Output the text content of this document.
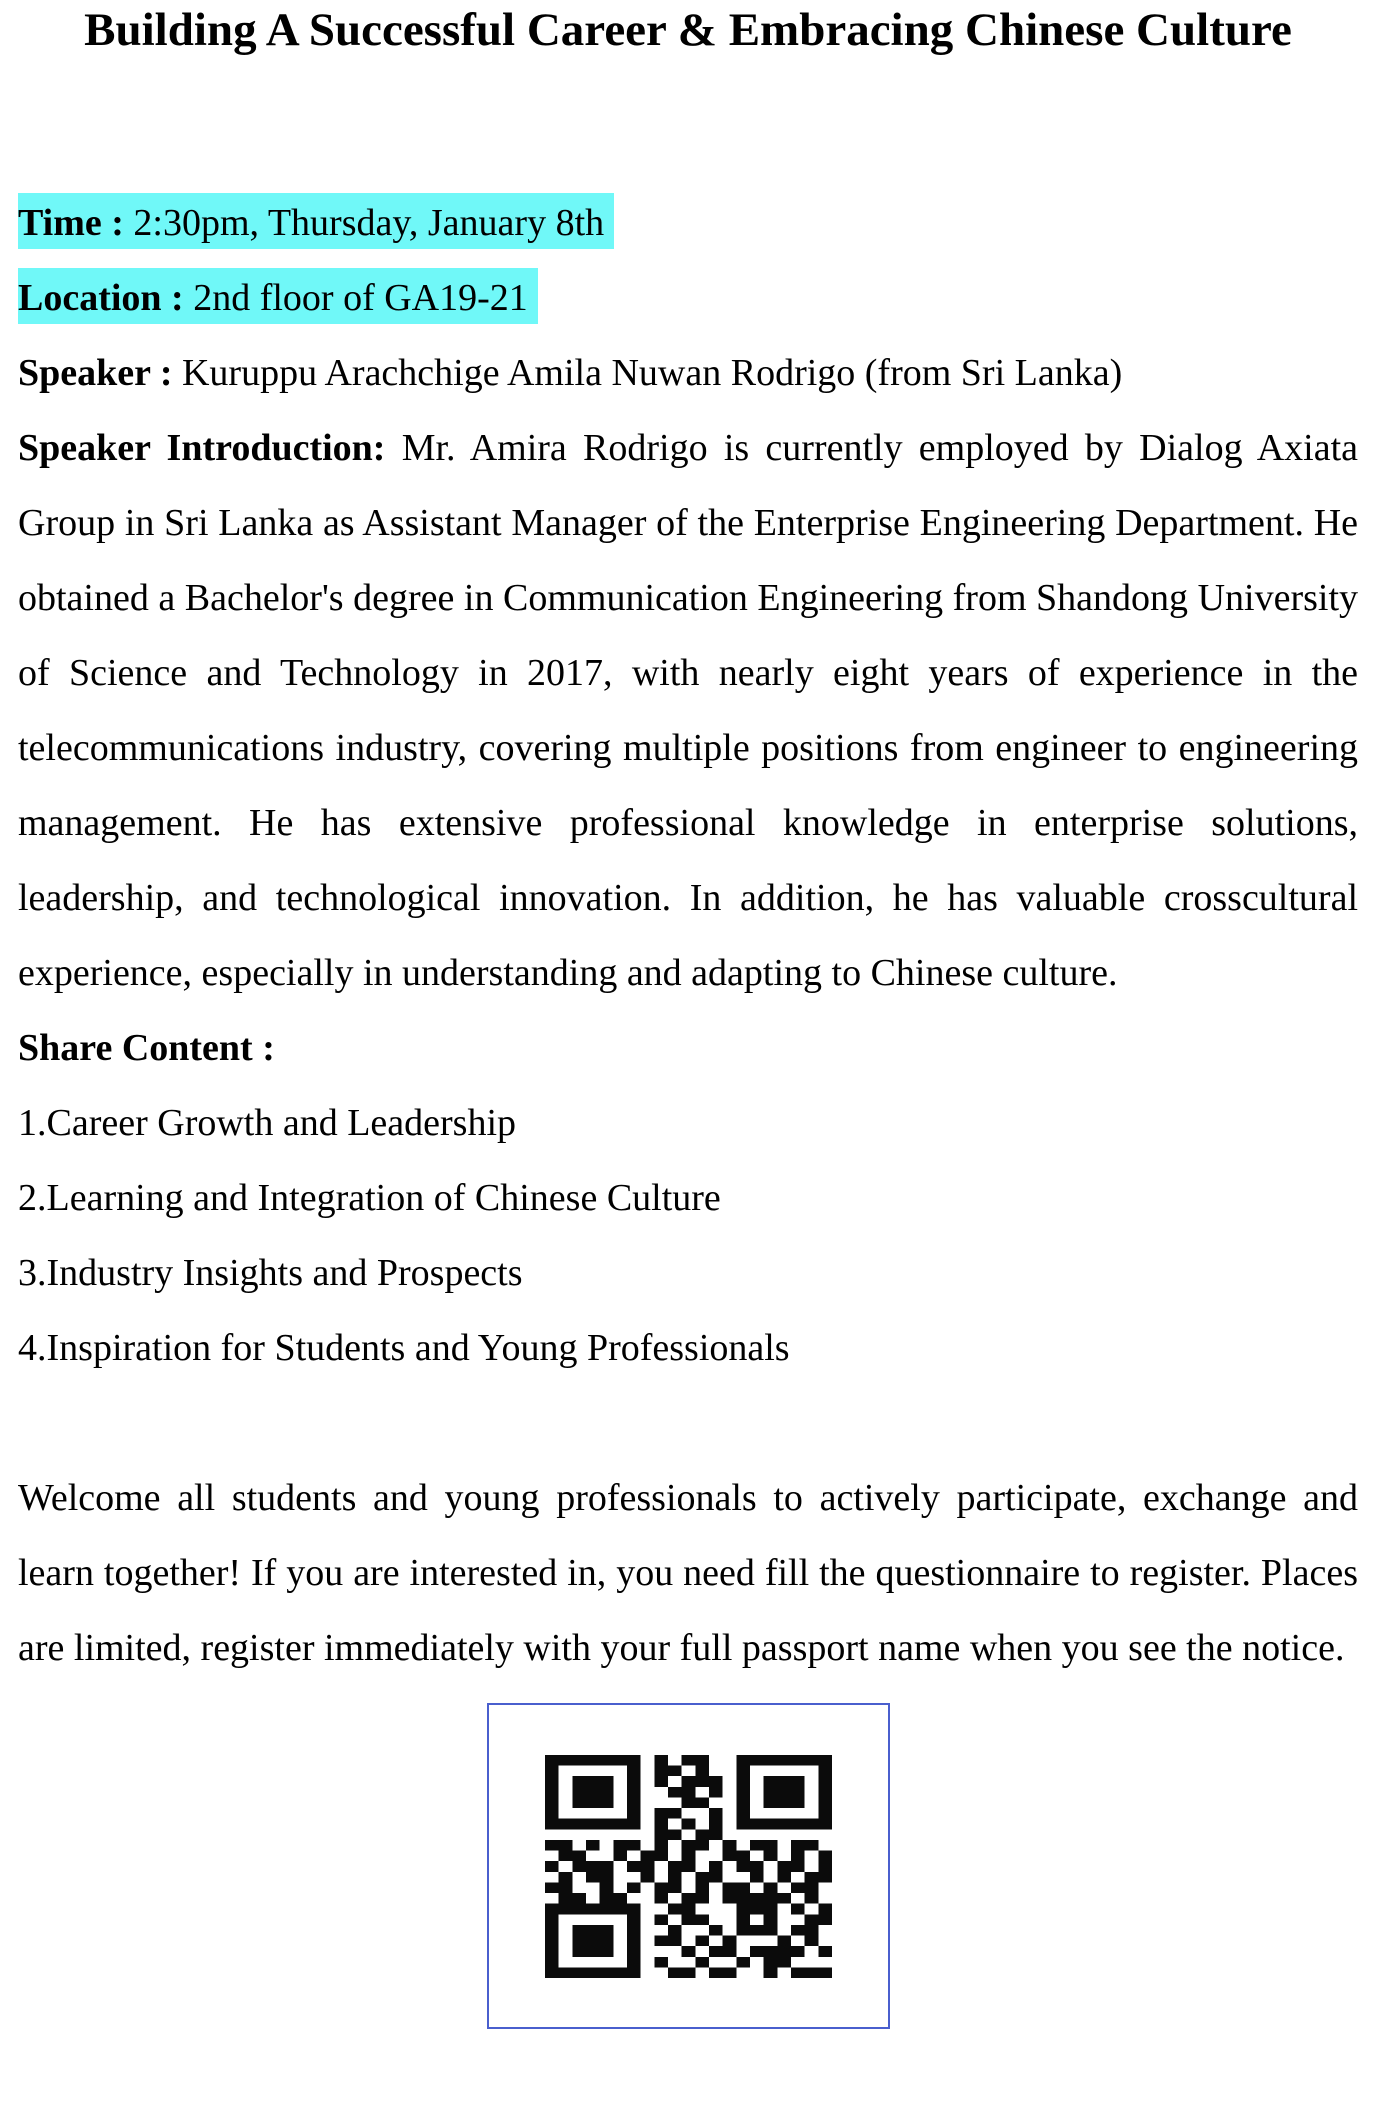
Building A Successful Career & Embracing Chinese Culture

Time : 2:30pm, Thursday, January 8th

Location : 2nd floor of GA19-21

Speaker : Kuruppu Arachchige Amila Nuwan Rodrigo (from Sri Lanka)

Speaker Introduction: Mr. Amira Rodrigo is currently employed by Dialog Axiata Group in Sri Lanka as Assistant Manager of the Enterprise Engineering Department. He obtained a Bachelor's degree in Communication Engineering from Shandong University of Science and Technology in 2017, with nearly eight years of experience in the telecommunications industry, covering multiple positions from engineer to engineering management. He has extensive professional knowledge in enterprise solutions, leadership, and technological innovation. In addition, he has valuable crosscultural experience, especially in understanding and adapting to Chinese culture.

Share Content :

1.Career Growth and Leadership

2.Learning and Integration of Chinese Culture

3.Industry Insights and Prospects

4.Inspiration for Students and Young Professionals

Welcome all students and young professionals to actively participate, exchange and learn together! If you are interested in, you need fill the questionnaire to register. Places are limited, register immediately with your full passport name when you see the notice.
